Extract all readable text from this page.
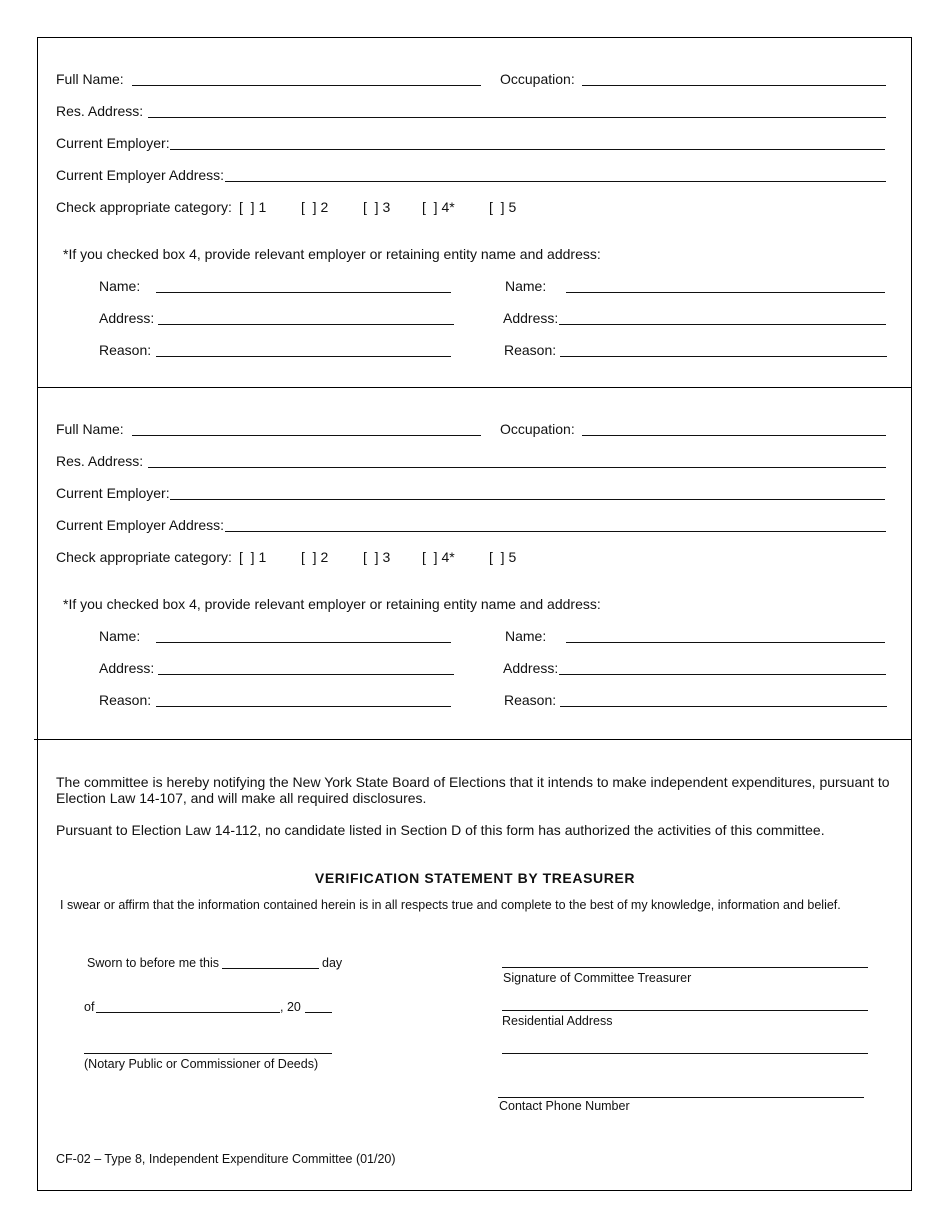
Full Name:	Occupation:
Res. Address:
Current Employer:
Current Employer Address:
Check appropriate category: [  ] 1 [  ] 2 [  ] 3 [  ] 4* [  ] 5
*If you checked box 4, provide relevant employer or retaining entity name and address:
Name:	Name:
Address:	Address:
Reason:	Reason:
Full Name:	Occupation:
Res. Address:
Current Employer:
Current Employer Address:
Check appropriate category: [  ] 1 [  ] 2 [  ] 3 [  ] 4* [  ] 5
*If you checked box 4, provide relevant employer or retaining entity name and address:
Name:	Name:
Address:	Address:
Reason:	Reason:
The committee is hereby notifying the New York State Board of Elections that it intends to make independent expenditures, pursuant to Election Law 14-107, and will make all required disclosures.
Pursuant to Election Law 14-112, no candidate listed in Section D of this form has authorized the activities of this committee.
VERIFICATION STATEMENT BY TREASURER
I swear or affirm that the information contained herein is in all respects true and complete to the best of my knowledge, information and belief.
Sworn to before me this	day
of	, 20
(Notary Public or Commissioner of Deeds)
Signature of Committee Treasurer
Residential Address
Contact Phone Number
CF-02 – Type 8, Independent Expenditure Committee (01/20)
